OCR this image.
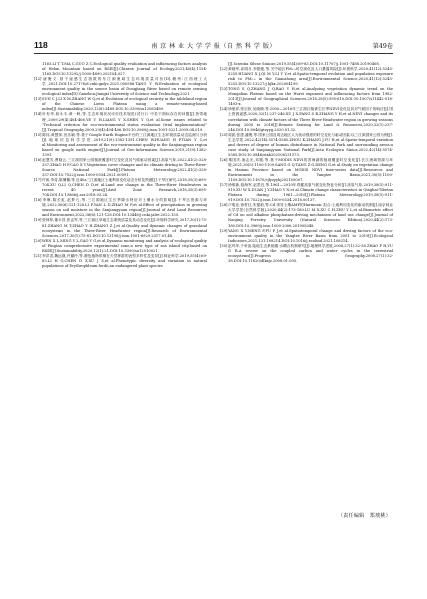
118	南 京 林 业 大 学 学 报（自 然 科 学 版）	第49卷

1165.LI T T,MA C,GUO Z C.Ecological quality evaluation and influencing factors analysis of Helan Mountain based on RSEI[J].Chinese Journal of Ecology,2021,40(4):1154-1165.DOI:10.13292/j.1000-4890.202104.027.

[12]唐衡义.基于遥感生态指数的东江源流域生态环境质量评价[D].赣州:江西理工大学,2021.DOI:10.27176/d.cnki.gnfyc.2021.000588.TANG Y W.Evaluation of ecological environment quality in the source basin of Dongjiang River based on remote sensing ecological index[D].Ganzhou:Jiangxi University of Science and Technology,2021.

[13]SUN C J,LI X M,ZHANG W Q,et al.Evolution of ecological security in the tableland region of the Chinese Loess Plateau using a remote-sensing-based index[J].Sustainability,2020,12(8):3489.DOI:10.3390/su12083489.

[14]叶有华,骆永丰,黄一帆,等.生态环境状况评价技术规范(试行)》中若干指标存在的问题[J].热带地理,2009,29(4):404-406.YE Y H,LIANG Y X,SHEN Y Q,et al.Some issues related to "Technical criterion for eco-environmental status evaluation (trial implementation)"[J].Tropical Geography,2009,29(4):404-406.DOI:10.3969/j.issn.1001-5221.2009.04.019.

[15]陈伟,黄慧萍,田乐颖,等.基于Google Earth Engine平台的三江源地区生态环境质量动态监测与分析[J].地球信息科学学报,2019,21(9):1382-1391.CHEN W,HUANG H P,TIAN Y C,et al.Monitoring and assessment of the eco-environment quality in the Sanjiangyuan region based on google earth engine[J].Journal of Geo-Information Science,2019,21(9):1382-1391.

[16]赵慧芳,曹晓云,三江源国家公园植被覆盖时空变化及其气候驱动因素[J].高原气象,2022,41(2):328-337.ZHAO H F,CAO X Y.Vegetation cover changes and its climate driving in Three-River-Source National Park[J].Plateau Meteorology,2022,41(2):328-337.DOI:10.7522/j.issn.1000-0534.2021.00091.

[17]许茜,李奇,陈懂懂,等.近40a三江源地区土地利用变化动态分析及预测[J].干旱区研究,2018,35(3):695-704.XU Q,LI Q,CHEN D D,et al.Land use change in the Three-River Headwaters in recent 40 years[J].Arid Zone Research,2018,35(3):695-704.DOI:10.13866/j.azr.2018.03.24.

[18]李琳,陈长虹,赵梦凡,等.三江源地区生长季降水特征对土壤水分的影响[J].干旱区资源与环境,2022,36(6):121-128.LI F,YAN L D,ZHAO M F,et al.Effect of precipitation in growing season on soil moisture in the Sanjiangyuan region[J].Journal of Arid Land Resources and Environment,2022,36(6):121-128.DOI:10.13448/j.cnki.jalre.2022.155.

[19]张林梓,董永昌,张孟军,等.三江源区草地生态系统质量及其动态变化[J].环境科学研究,2017,30(1):75-81.ZHANG M T,ZHAO Y H,ZHANG Z J,et al.Quality and dynamic changes of grassland ecosystems in the Three-River Headwater region[J].Research of Environmental Sciences,2017,30(1):75-81.DOI:10.13198/j.issn.1001-6929.2017.01.48.

[20]WEN X L,MING Y L,GAO Y G,et al.Dynamic monitoring and analysis of ecological quality of Pingtan comprehensive experimental zone,a new type of sea island city,based on RSEI[J].Sustainability,2020,12(1):21.DOI:10.3390/su12010021.

[21]李洪香,魏远继,许璐玲,等.濒危植物珙桐在天然种群的表型多样性及变异[J].林业科学,2019,55(4):69-83.LI H G,CHEN D Z,XU J S,et al.Phenotypic diversity and variation in natural populations of Erythrophleum fordii,an endangered plant species

[J].Scientia Silvae Sinicae,2019,55(4):69-83.DOI:10.11707/j.1001-7488.20190408.

[22]黄晓军,祁明月,李艳艳,等.关中地区PM₂.₅时空演化及人口暴露风险[J].环境科学,2020,41(12):5245-5255.HUANG X J,QI M Y,LI Y Y,et al.Spatio-temporal evolution and population exposure risk to PM₂.₅ in the Guanzhong area[J].Environmental Science,2020,41(12):5245-5255.DOI:10.13227/j.hjkx.202004199.

[23]TONG S Q,ZHANG J Q,BAO Y H,et al.Analyzing vegetation dynamic trend on the Mongolian Plateau based on the Hurst exponent and influencing factors from 1982-2013[J].Journal of Geographical Sciences,2018,28(5):595-610.DOI:10.1007/s11442-018-1493-x.

[24]徐豪祥,张宗欣,吴晓楠,等.2000—2016年三江源区植被生长季NDVI变化及其对气候因子的响应[J].国土资源遥感,2020,32(1):237-246.XU J X,FANG S B,ZHANG Y H,et al.NDVI changes and its correlation with climate factors of the Three River-Headwater region in growing seasons during 2000 to 2016[J].Remote Sensing for Land & Resources,2020,32(1):237-246.DOI:10.6046/gtzyyg.2020.01.32.

[25]周凯,张建,潘俊,等.国家公园及周边地区人为扰动强度的时空变化与驱动因素:以三江源国家公园为例[J].生态学报,2022,42(14):5574-5585.ZHOU K,ZHANG J,YU H,et al.Spatio-temporal variation and drivers of degree of human disturbance in National Park and surrounding areas:a case study of Sanjiangyuan National Park[J].Acta Ecologica Sinica,2022,42(14):5574-5585.DOI:10.5846/stxb202106131573.

[26]秦国庆,唐志光,邓刚,等.基于MODIS NDVI的青海湖的植被覆盖时空变化[J].长江流域资源与环境,2021,30(5):1100-1109.SANG G Q,TANG Z G,DENG G,et al.Study on vegetation change in Hainan Province based on MODIS NDVI time-series data[J].Resources and Environment in the Yangtze Basin,2021,30(5):1100-1109.DOI:10.11870/cjlyzyyhj202105007.

[27]徐维新,段海军,赵景宜,等.1961—2010年青藏高原气候变化特征分析[J].高原气象,2019,38(5):911-919.XU W X,DUAN J Y,ZHAO Y N,et al.Climate change characteristics in Qinghai-Tibetan Plateau during 1961—2010[J].Plateau Meteorology,2019,38(5):911-919.DOI:10.7522/j.issn.1000-0534.2018.00137.

[28]卢明亚,徐哲红,朱德莉,等.Cd 诱导土壤AMF的Harmonic 拟合:土地利用变化的驱动机制[J].南京林业大学学报(自然科学版),2020,44(2):173-180.LU M X,XU C H,ZHU Y L,et al.Biometric effect of Cd on soil alkaline phosphatase:driving mechanism of land use change[J].Journal of Nanjing Forestry University (Natural Sciences Edition),2020,44(2):173-180.DOI:10.3969/j.issn.1000-2006.201905048.

[29]YANG X Y,MENG F,FU P J,et al.Spatiotemporal change and driving factors of the eco-environment quality in the Yangtze River Basin from 2001 to 2019[J].Ecological Indicators,2021,131:108214.DOI:10.1016/j.ecolind.2021.108214.

[30]赵玛华,于荣谊.陆地生态系统碳-水耦合机制研究[J].地理科学进展,2008,27(1):32-38.ZHAO F H,YU G R.A review on the coupled carbon and water cycles in the terrestrial ecosystems[J].Progress in Geography,2008,27(1):32-38.DOI:10.11820/dlkxjz.2008.01.005.

（责任编辑　郑琰桃）
